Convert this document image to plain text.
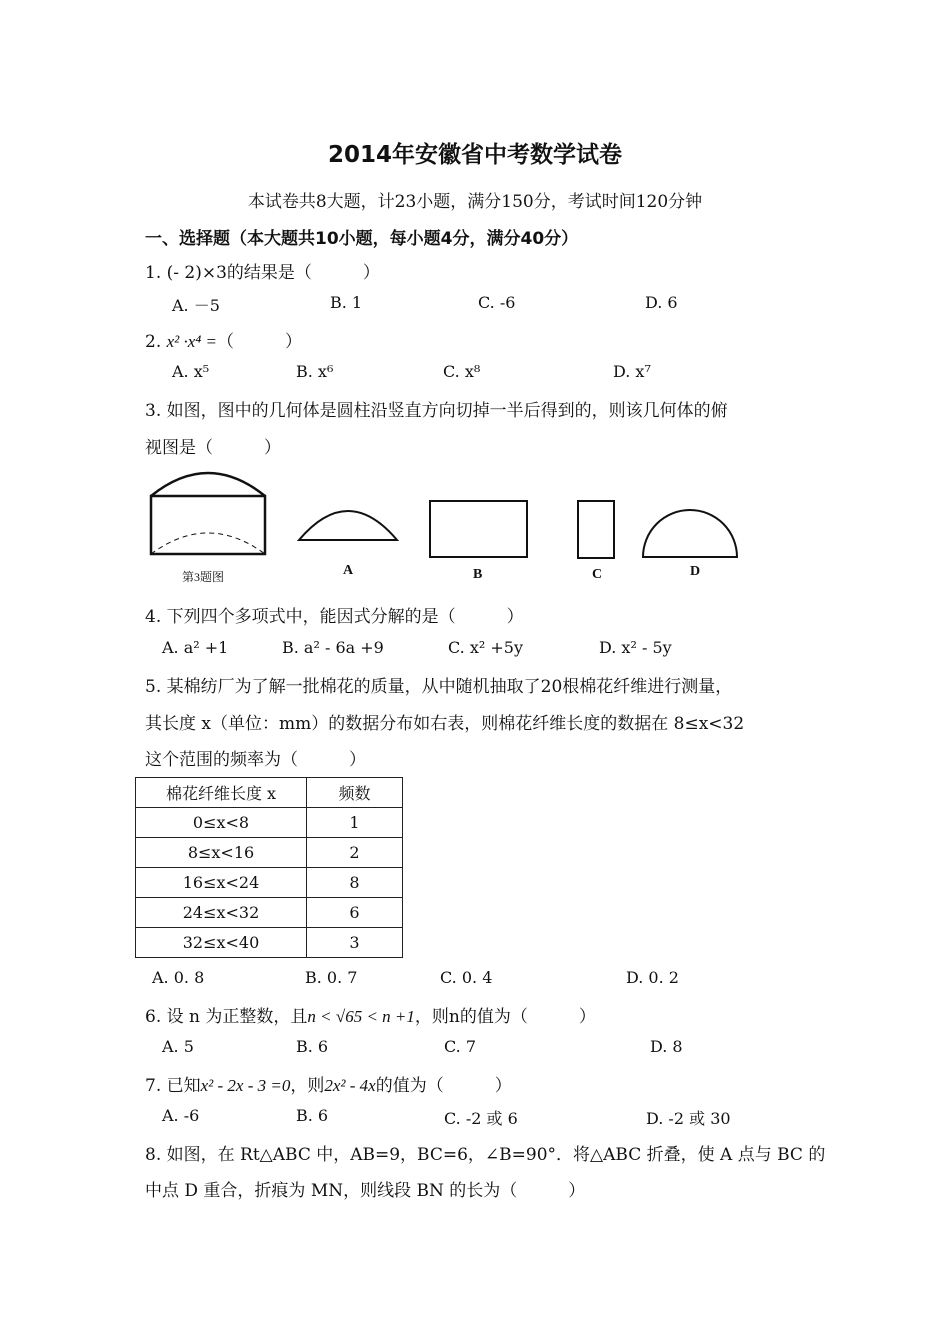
2014年安徽省中考数学试卷
本试卷共8大题，计23小题，满分150分，考试时间120分钟
一、选择题（本大题共10小题，每小题4分，满分40分）
1. (- 2)×3的结果是（　　　）
A. －5	B. 1	C. -6	D. 6
2. x² ·x⁴ =（　　　）
A. x⁵	B. x⁶	C. x⁸	D. x⁷
3. 如图，图中的几何体是圆柱沿竖直方向切掉一半后得到的，则该几何体的俯
视图是（　　　）
第3题图	A	B	C	D
4. 下列四个多项式中，能因式分解的是（　　　）
A. a² +1	B. a² - 6a +9	C. x² +5y	D. x² - 5y
5. 某棉纺厂为了解一批棉花的质量，从中随机抽取了20根棉花纤维进行测量，
其长度 x（单位：mm）的数据分布如右表，则棉花纤维长度的数据在 8≤x<32
这个范围的频率为（　　　）
棉花纤维长度 x	频数
0≤x<8	1
8≤x<16	2
16≤x<24	8
24≤x<32	6
32≤x<40	3
A. 0. 8	B. 0. 7	C. 0. 4	D. 0. 2
6. 设 n 为正整数，且n < √65 < n +1，则n的值为（　　　）
A. 5	B. 6	C. 7	D. 8
7. 已知x² - 2x - 3 =0，则2x² - 4x的值为（　　　）
A. -6	B. 6	C. -2 或 6	D. -2 或 30
8. 如图，在 Rt△ABC 中，AB=9，BC=6，∠B=90°．将△ABC 折叠，使 A 点与 BC 的
中点 D 重合，折痕为 MN，则线段 BN 的长为（　　　）
